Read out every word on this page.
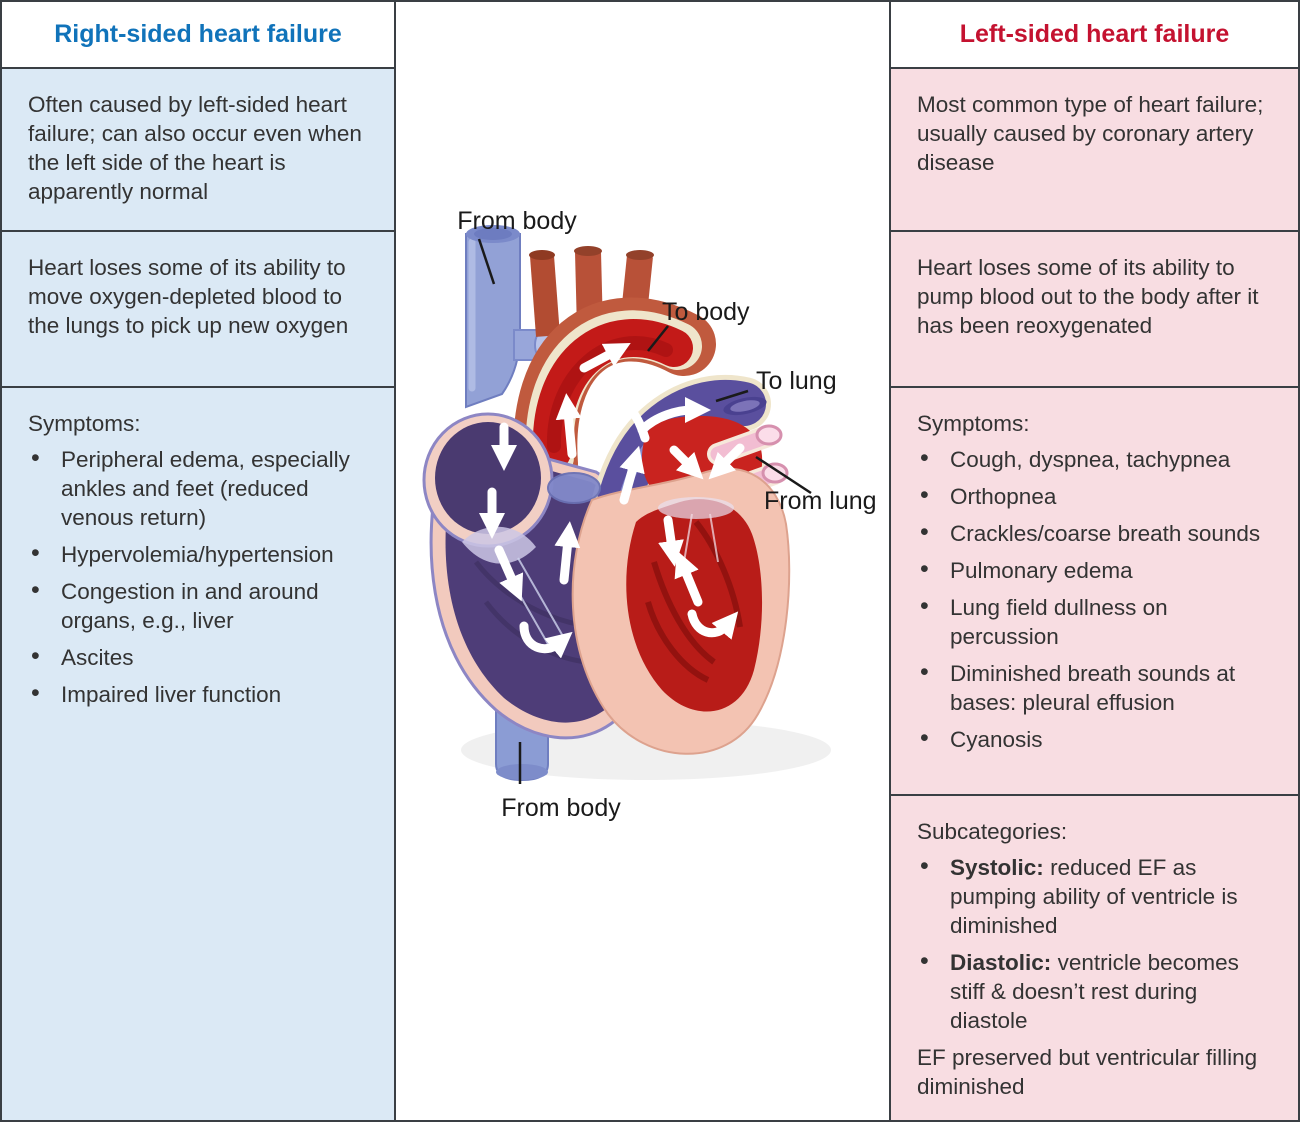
Right-sided heart failure

Often caused by left-sided heart failure; can also occur even when the left side of the heart is apparently normal

Heart loses some of its ability to move oxygen-depleted blood to the lungs to pick up new oxygen

Symptoms:

• Peripheral edema, especially ankles and feet (reduced venous return)
• Hypervolemia/hypertension
• Congestion in and around organs, e.g., liver
• Ascites
• Impaired liver function
From body
To body
To lung
From lung
From body
Left-sided heart failure

Most common type of heart failure; usually caused by coronary artery disease

Heart loses some of its ability to pump blood out to the body after it has been reoxygenated

Symptoms:

• Cough, dyspnea, tachypnea
• Orthopnea
• Crackles/coarse breath sounds
• Pulmonary edema
• Lung field dullness on percussion
• Diminished breath sounds at bases: pleural effusion
• Cyanosis

Subcategories:

• Systolic: reduced EF as pumping ability of ventricle is diminished
• Diastolic: ventricle becomes stiff & doesn’t rest during diastole

EF preserved but ventricular filling diminished
